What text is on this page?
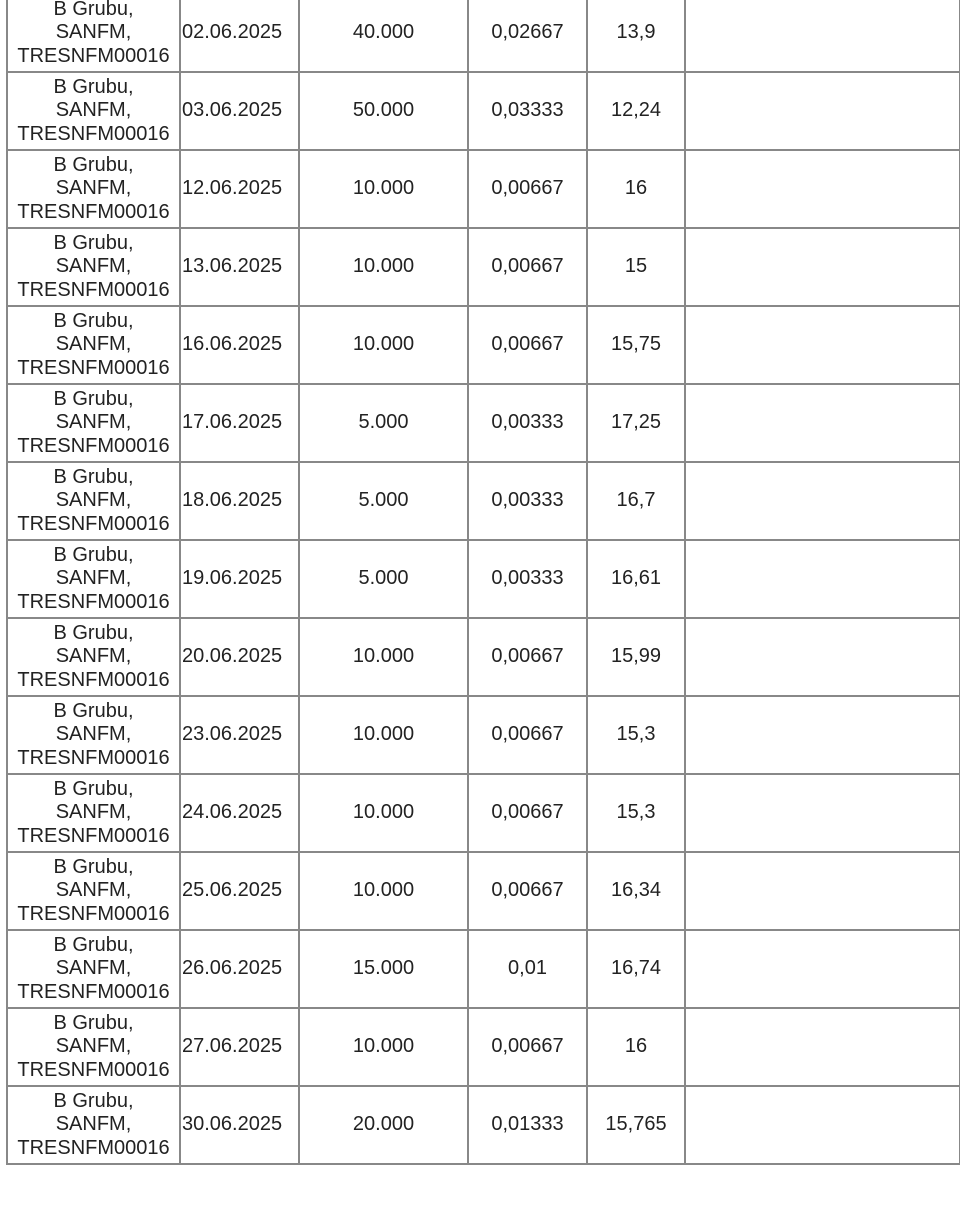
B Grubu,
SANFM,
TRESNFM00016	02.06.2025	40.000	0,02667	13,9	

B Grubu,
SANFM,
TRESNFM00016	03.06.2025	50.000	0,03333	12,24	

B Grubu,
SANFM,
TRESNFM00016	12.06.2025	10.000	0,00667	16	

B Grubu,
SANFM,
TRESNFM00016	13.06.2025	10.000	0,00667	15	

B Grubu,
SANFM,
TRESNFM00016	16.06.2025	10.000	0,00667	15,75	

B Grubu,
SANFM,
TRESNFM00016	17.06.2025	5.000	0,00333	17,25	

B Grubu,
SANFM,
TRESNFM00016	18.06.2025	5.000	0,00333	16,7	

B Grubu,
SANFM,
TRESNFM00016	19.06.2025	5.000	0,00333	16,61	

B Grubu,
SANFM,
TRESNFM00016	20.06.2025	10.000	0,00667	15,99	

B Grubu,
SANFM,
TRESNFM00016	23.06.2025	10.000	0,00667	15,3	

B Grubu,
SANFM,
TRESNFM00016	24.06.2025	10.000	0,00667	15,3	

B Grubu,
SANFM,
TRESNFM00016	25.06.2025	10.000	0,00667	16,34	

B Grubu,
SANFM,
TRESNFM00016	26.06.2025	15.000	0,01	16,74	

B Grubu,
SANFM,
TRESNFM00016	27.06.2025	10.000	0,00667	16	

B Grubu,
SANFM,
TRESNFM00016	30.06.2025	20.000	0,01333	15,765	
